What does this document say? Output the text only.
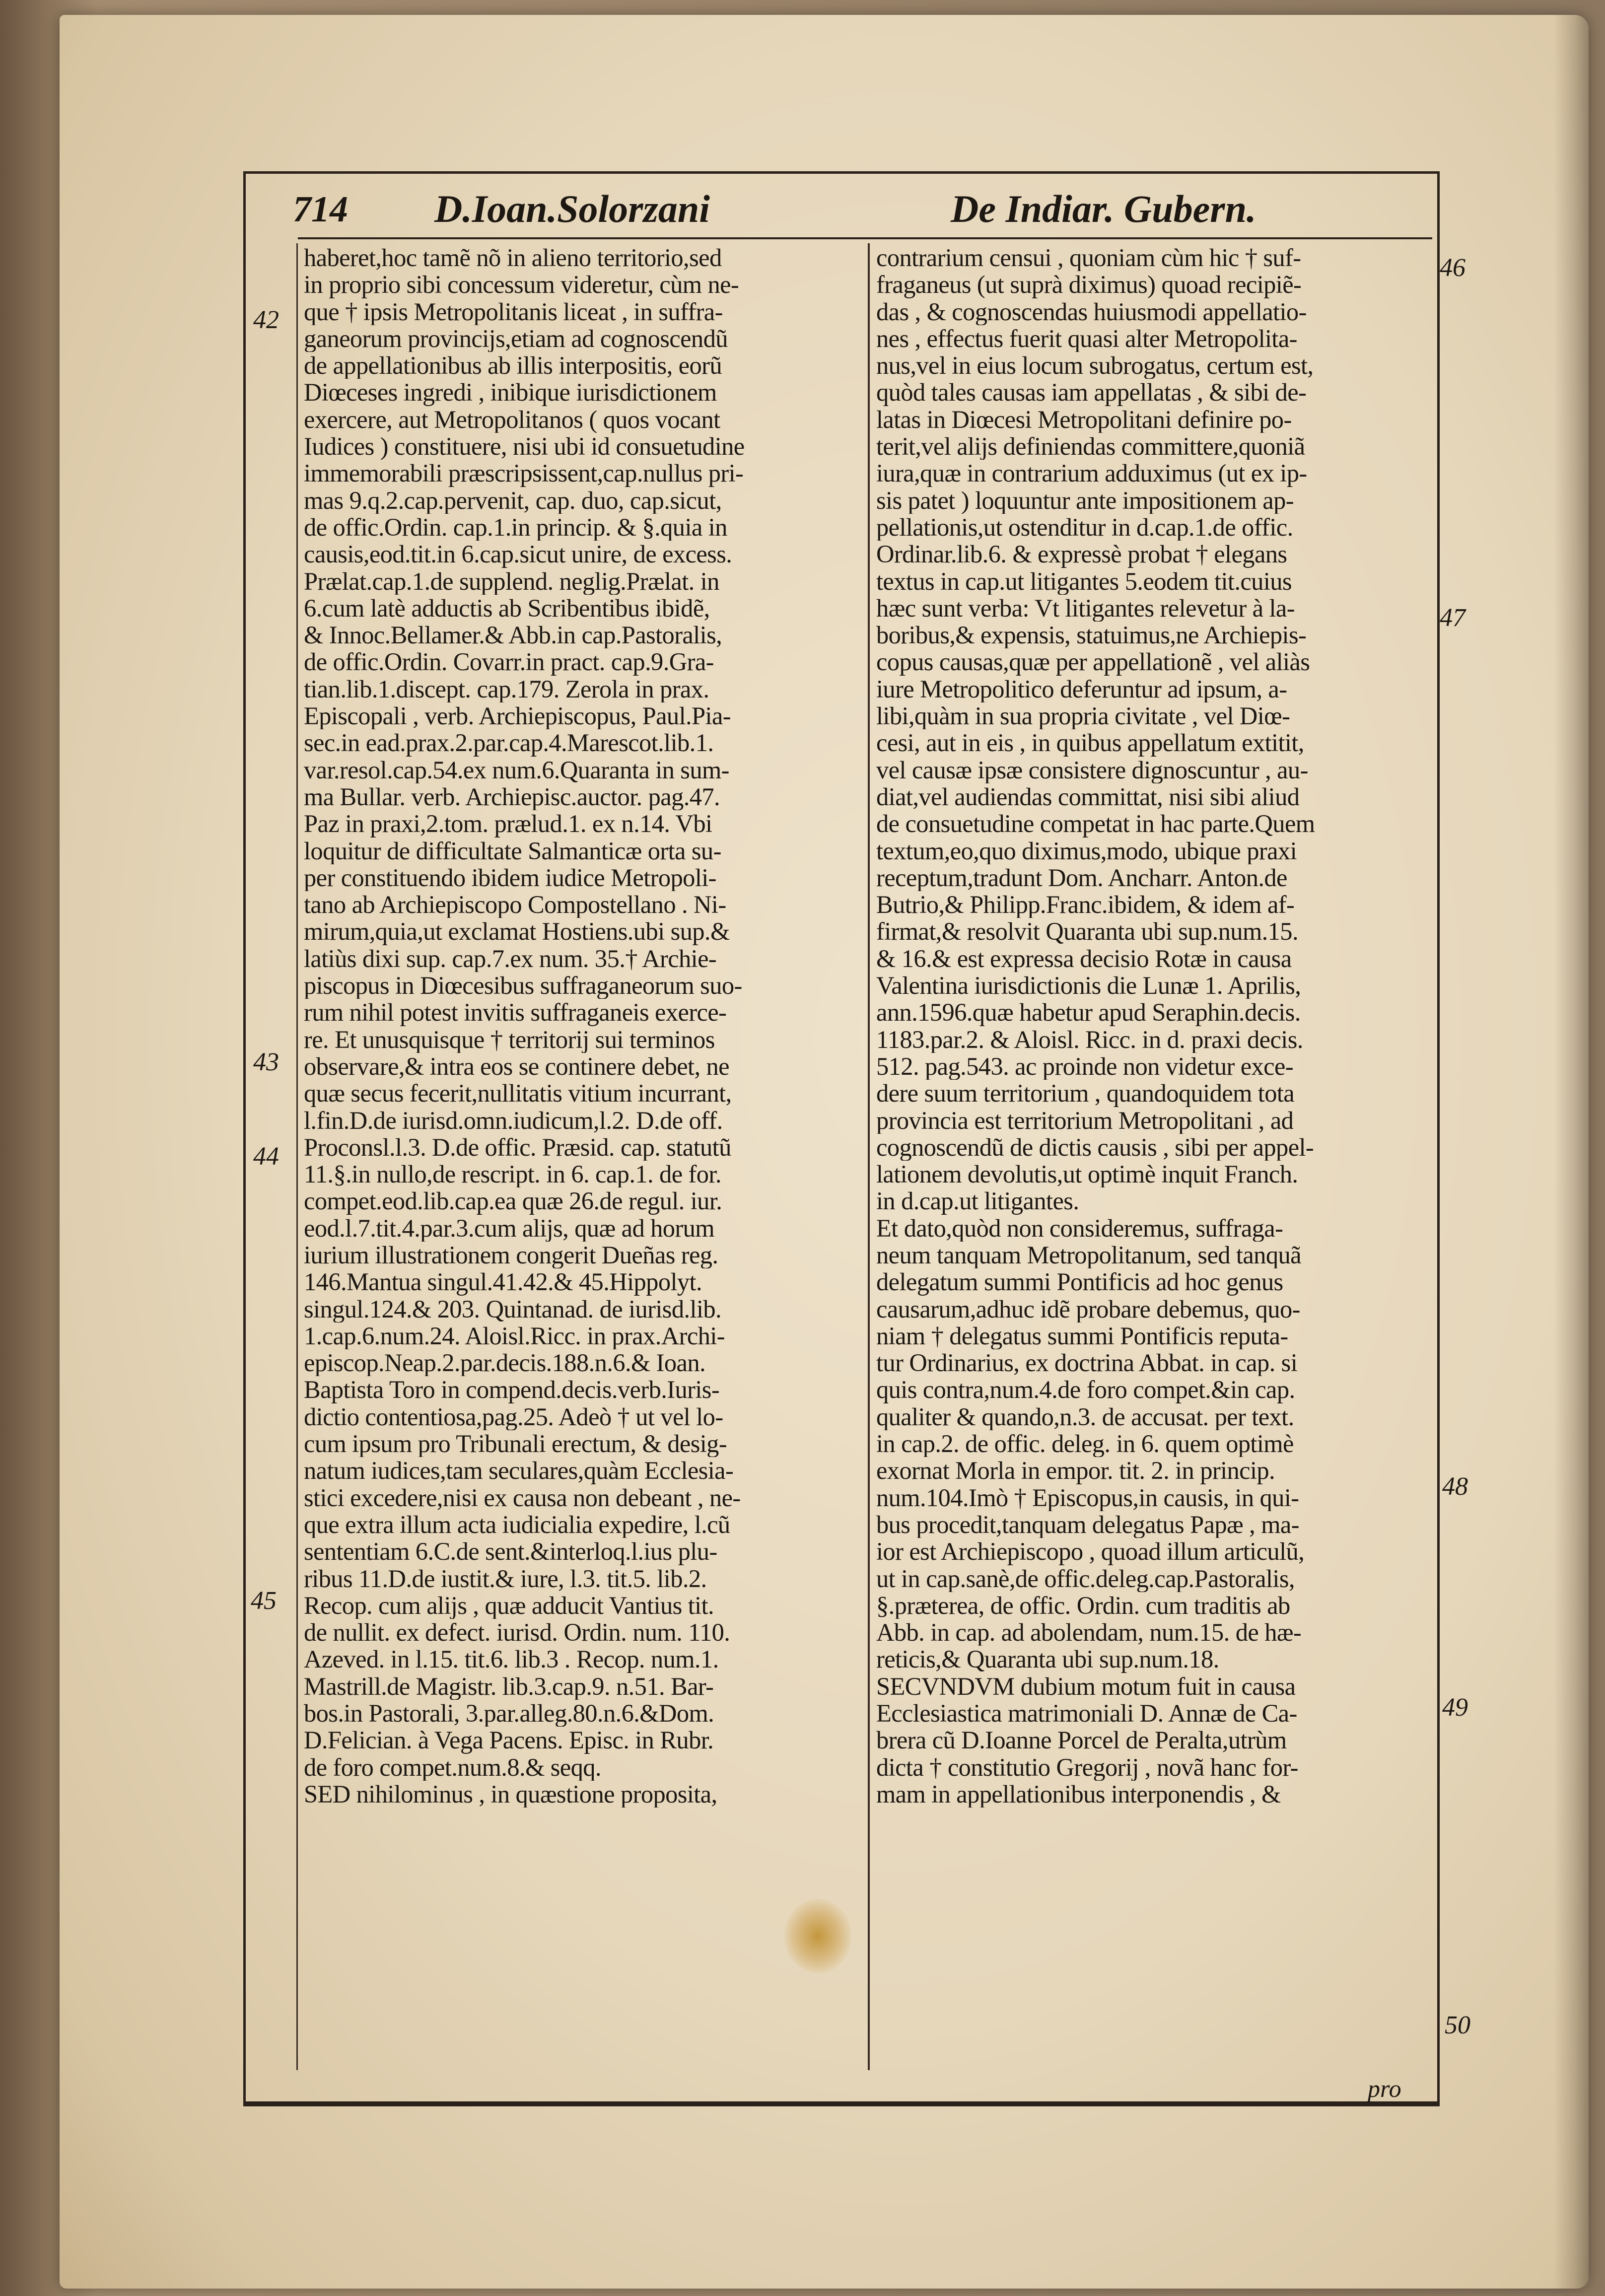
714 D.Ioan.Solorzani	De Indiar. Gubern.
haberet,hoc tamẽ nõ in alieno territorio,sed
in proprio sibi concessum videretur, cùm ne-
que † ipsis Metropolitanis liceat , in suffra-
ganeorum provincijs,etiam ad cognoscendũ
de appellationibus ab illis interpositis, eorũ
Diœceses ingredi , inibique iurisdictionem
exercere, aut Metropolitanos ( quos vocant
Iudices ) constituere, nisi ubi id consuetudine
immemorabili præscripsissent,cap.nullus pri-
mas 9.q.2.cap.pervenit, cap. duo, cap.sicut,
de offic.Ordin. cap.1.in princip. & §.quia in
causis,eod.tit.in 6.cap.sicut unire, de excess.
Prælat.cap.1.de supplend. neglig.Prælat. in
6.cum latè adductis ab Scribentibus ibidẽ,
& Innoc.Bellamer.& Abb.in cap.Pastoralis,
de offic.Ordin. Covarr.in pract. cap.9.Gra-
tian.lib.1.discept. cap.179. Zerola in prax.
Episcopali , verb. Archiepiscopus, Paul.Pia-
sec.in ead.prax.2.par.cap.4.Marescot.lib.1.
var.resol.cap.54.ex num.6.Quaranta in sum-
ma Bullar. verb. Archiepisc.auctor. pag.47.
Paz in praxi,2.tom. prælud.1. ex n.14. Vbi
loquitur de difficultate Salmanticæ orta su-
per constituendo ibidem iudice Metropoli-
tano ab Archiepiscopo Compostellano . Ni-
mirum,quia,ut exclamat Hostiens.ubi sup.&
latiùs dixi sup. cap.7.ex num. 35.† Archie-
piscopus in Diœcesibus suffraganeorum suo-
rum nihil potest invitis suffraganeis exerce-
re. Et unusquisque † territorij sui terminos
observare,& intra eos se continere debet, ne
quæ secus fecerit,nullitatis vitium incurrant,
l.fin.D.de iurisd.omn.iudicum,l.2. D.de off.
Proconsl.l.3. D.de offic. Præsid. cap. statutũ
11.§.in nullo,de rescript. in 6. cap.1. de for.
compet.eod.lib.cap.ea quæ 26.de regul. iur.
eod.l.7.tit.4.par.3.cum alijs, quæ ad horum
iurium illustrationem congerit Dueñas reg.
146.Mantua singul.41.42.& 45.Hippolyt.
singul.124.& 203. Quintanad. de iurisd.lib.
1.cap.6.num.24. Aloisl.Ricc. in prax.Archi-
episcop.Neap.2.par.decis.188.n.6.& Ioan.
Baptista Toro in compend.decis.verb.Iuris-
dictio contentiosa,pag.25. Adeò † ut vel lo-
cum ipsum pro Tribunali erectum, & desig-
natum iudices,tam seculares,quàm Ecclesia-
stici excedere,nisi ex causa non debeant , ne-
que extra illum acta iudicialia expedire, l.cũ
sententiam 6.C.de sent.&interloq.l.ius plu-
ribus 11.D.de iustit.& iure, l.3. tit.5. lib.2.
Recop. cum alijs , quæ adducit Vantius tit.
de nullit. ex defect. iurisd. Ordin. num. 110.
Azeved. in l.15. tit.6. lib.3 . Recop. num.1.
Mastrill.de Magistr. lib.3.cap.9. n.51. Bar-
bos.in Pastorali, 3.par.alleg.80.n.6.&Dom.
D.Felician. à Vega Pacens. Episc. in Rubr.
de foro compet.num.8.& seqq.
SED nihilominus , in quæstione proposita,
contrarium censui , quoniam cùm hic † suf-
fraganeus (ut suprà diximus) quoad recipiẽ-
das , & cognoscendas huiusmodi appellatio-
nes , effectus fuerit quasi alter Metropolita-
nus,vel in eius locum subrogatus, certum est,
quòd tales causas iam appellatas , & sibi de-
latas in Diœcesi Metropolitani definire po-
terit,vel alijs definiendas committere,quoniã
iura,quæ in contrarium adduximus (ut ex ip-
sis patet ) loquuntur ante impositionem ap-
pellationis,ut ostenditur in d.cap.1.de offic.
Ordinar.lib.6. & expressè probat † elegans
textus in cap.ut litigantes 5.eodem tit.cuius
hæc sunt verba: Vt litigantes relevetur à la-
boribus,& expensis, statuimus,ne Archiepis-
copus causas,quæ per appellationẽ , vel aliàs
iure Metropolitico deferuntur ad ipsum, a-
libi,quàm in sua propria civitate , vel Diœ-
cesi, aut in eis , in quibus appellatum extitit,
vel causæ ipsæ consistere dignoscuntur , au-
diat,vel audiendas committat, nisi sibi aliud
de consuetudine competat in hac parte.Quem
textum,eo,quo diximus,modo, ubique praxi
receptum,tradunt Dom. Ancharr. Anton.de
Butrio,& Philipp.Franc.ibidem, & idem af-
firmat,& resolvit Quaranta ubi sup.num.15.
& 16.& est expressa decisio Rotæ in causa
Valentina iurisdictionis die Lunæ 1. Aprilis,
ann.1596.quæ habetur apud Seraphin.decis.
1183.par.2. & Aloisl. Ricc. in d. praxi decis.
512. pag.543. ac proinde non videtur exce-
dere suum territorium , quandoquidem tota
provincia est territorium Metropolitani , ad
cognoscendũ de dictis causis , sibi per appel-
lationem devolutis,ut optimè inquit Franch.
in d.cap.ut litigantes.
Et dato,quòd non consideremus, suffraga-
neum tanquam Metropolitanum, sed tanquã
delegatum summi Pontificis ad hoc genus
causarum,adhuc idẽ probare debemus, quo-
niam † delegatus summi Pontificis reputa-
tur Ordinarius, ex doctrina Abbat. in cap. si
quis contra,num.4.de foro compet.&in cap.
qualiter & quando,n.3. de accusat. per text.
in cap.2. de offic. deleg. in 6. quem optimè
exornat Morla in empor. tit. 2. in princip.
num.104.Imò † Episcopus,in causis, in qui-
bus procedit,tanquam delegatus Papæ , ma-
ior est Archiepiscopo , quoad illum articulũ,
ut in cap.sanè,de offic.deleg.cap.Pastoralis,
§.præterea, de offic. Ordin. cum traditis ab
Abb. in cap. ad abolendam, num.15. de hæ-
reticis,& Quaranta ubi sup.num.18.
SECVNDVM dubium motum fuit in causa
Ecclesiastica matrimoniali D. Annæ de Ca-
brera cũ D.Ioanne Porcel de Peralta,utrùm
dicta † constitutio Gregorij , novã hanc for-
mam in appellationibus interponendis , &
42
43
44
45
46
47
48
49
50
pro
